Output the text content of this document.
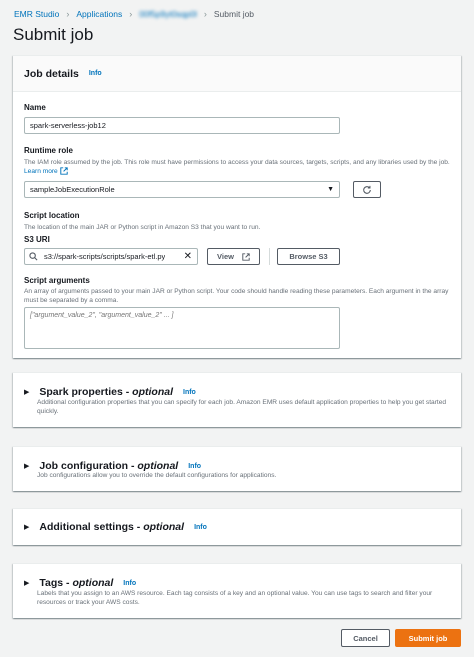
EMR Studio › Applications › 00f5p9yt0sqp0l › Submit job
Submit job
Job details Info
Name
spark-serverless-job12
Runtime role
The IAM role assumed by the job. This role must have permissions to access your data sources, targets, scripts, and any libraries used by the job. Learn more
sampleJobExecutionRole	▼
Script location
The location of the main JAR or Python script in Amazon S3 that you want to run.
S3 URI
s3://spark-scripts/scripts/spark-etl.py ✕	View	Browse S3
Script arguments
An array of arguments passed to your main JAR or Python script. Your code should handle reading these parameters. Each argument in the array must be separated by a comma.
["argument_value_2", "argument_value_2" ... ]
▶ Spark properties - optional Info
Additional configuration properties that you can specify for each job. Amazon EMR uses default application properties to help you get started quickly.
▶ Job configuration - optional Info
Job configurations allow you to override the default configurations for applications.
▶ Additional settings - optional Info
▶ Tags - optional Info
Labels that you assign to an AWS resource. Each tag consists of a key and an optional value. You can use tags to search and filter your resources or track your AWS costs.
Cancel	Submit job
